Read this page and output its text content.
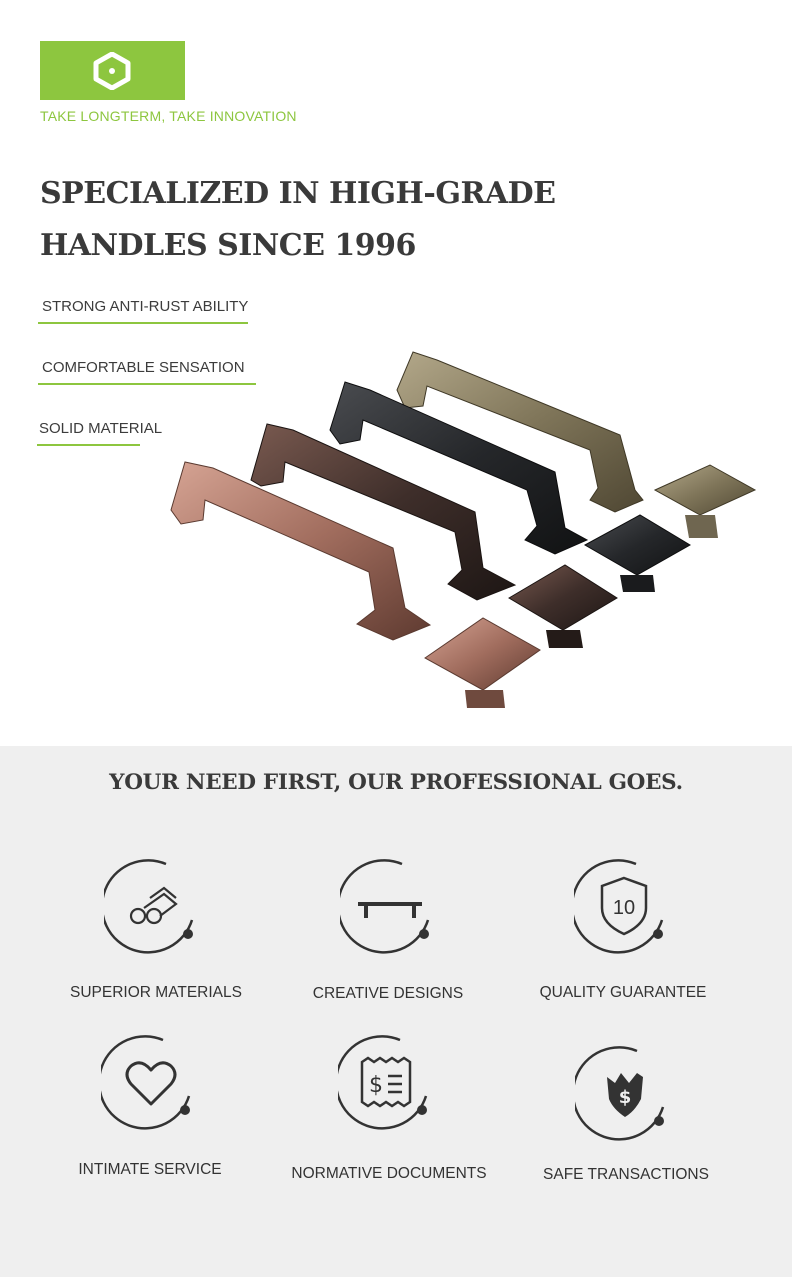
TAKE LONGTERM, TAKE INNOVATION
SPECIALIZED IN HIGH-GRADE
HANDLES SINCE 1996
STRONG ANTI-RUST ABILITY
COMFORTABLE SENSATION
SOLID MATERIAL
YOUR NEED FIRST, OUR PROFESSIONAL GOES.
10
SUPERIOR MATERIALS	CREATIVE DESIGNS	QUALITY GUARANTEE
$	$
INTIMATE SERVICE	NORMATIVE DOCUMENTS	SAFE TRANSACTIONS
